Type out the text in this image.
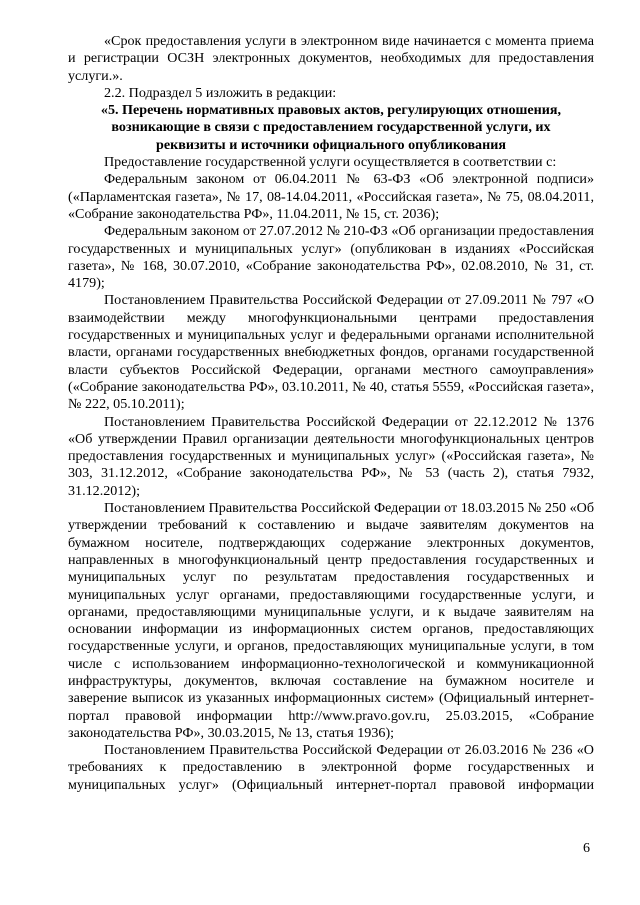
«Срок предоставления услуги в электронном виде начинается с момента приема и регистрации ОСЗН электронных документов, необходимых для предоставления услуги.».

2.2. Подраздел 5 изложить в редакции:

«5. Перечень нормативных правовых актов, регулирующих отношения, возникающие в связи с предоставлением государственной услуги, их реквизиты и источники официального опубликования

Предоставление государственной услуги осуществляется в соответствии с:

Федеральным законом от 06.04.2011 № 63-ФЗ «Об электронной подписи» («Парламентская газета», № 17, 08-14.04.2011, «Российская газета», № 75, 08.04.2011, «Собрание законодательства РФ», 11.04.2011, № 15, ст. 2036);

Федеральным законом от 27.07.2012 № 210-ФЗ «Об организации предоставления государственных и муниципальных услуг» (опубликован в изданиях «Российская газета», № 168, 30.07.2010, «Собрание законодательства РФ», 02.08.2010, № 31, ст. 4179);

Постановлением Правительства Российской Федерации от 27.09.2011 № 797 «О взаимодействии между многофункциональными центрами предоставления государственных и муниципальных услуг и федеральными органами исполнительной власти, органами государственных внебюджетных фондов, органами государственной власти субъектов Российской Федерации, органами местного самоуправления» («Собрание законодательства РФ», 03.10.2011, № 40, статья 5559, «Российская газета», № 222, 05.10.2011);

Постановлением Правительства Российской Федерации от 22.12.2012 № 1376 «Об утверждении Правил организации деятельности многофункциональных центров предоставления государственных и муниципальных услуг» («Российская газета», № 303, 31.12.2012, «Собрание законодательства РФ», № 53 (часть 2), статья 7932, 31.12.2012);

Постановлением Правительства Российской Федерации от 18.03.2015 № 250 «Об утверждении требований к составлению и выдаче заявителям документов на бумажном носителе, подтверждающих содержание электронных документов, направленных в многофункциональный центр предоставления государственных и муниципальных услуг по результатам предоставления государственных и муниципальных услуг органами, предоставляющими государственные услуги, и органами, предоставляющими муниципальные услуги, и к выдаче заявителям на основании информации из информационных систем органов, предоставляющих государственные услуги, и органов, предоставляющих муниципальные услуги, в том числе с использованием информационно-технологической и коммуникационной инфраструктуры, документов, включая составление на бумажном носителе и заверение выписок из указанных информационных систем» (Официальный интернет-портал правовой информации http://www.pravo.gov.ru, 25.03.2015, «Собрание законодательства РФ», 30.03.2015, № 13, статья 1936);

Постановлением Правительства Российской Федерации от 26.03.2016 № 236 «О требованиях к предоставлению в электронной форме государственных и муниципальных услуг» (Официальный интернет-портал правовой информации

6
